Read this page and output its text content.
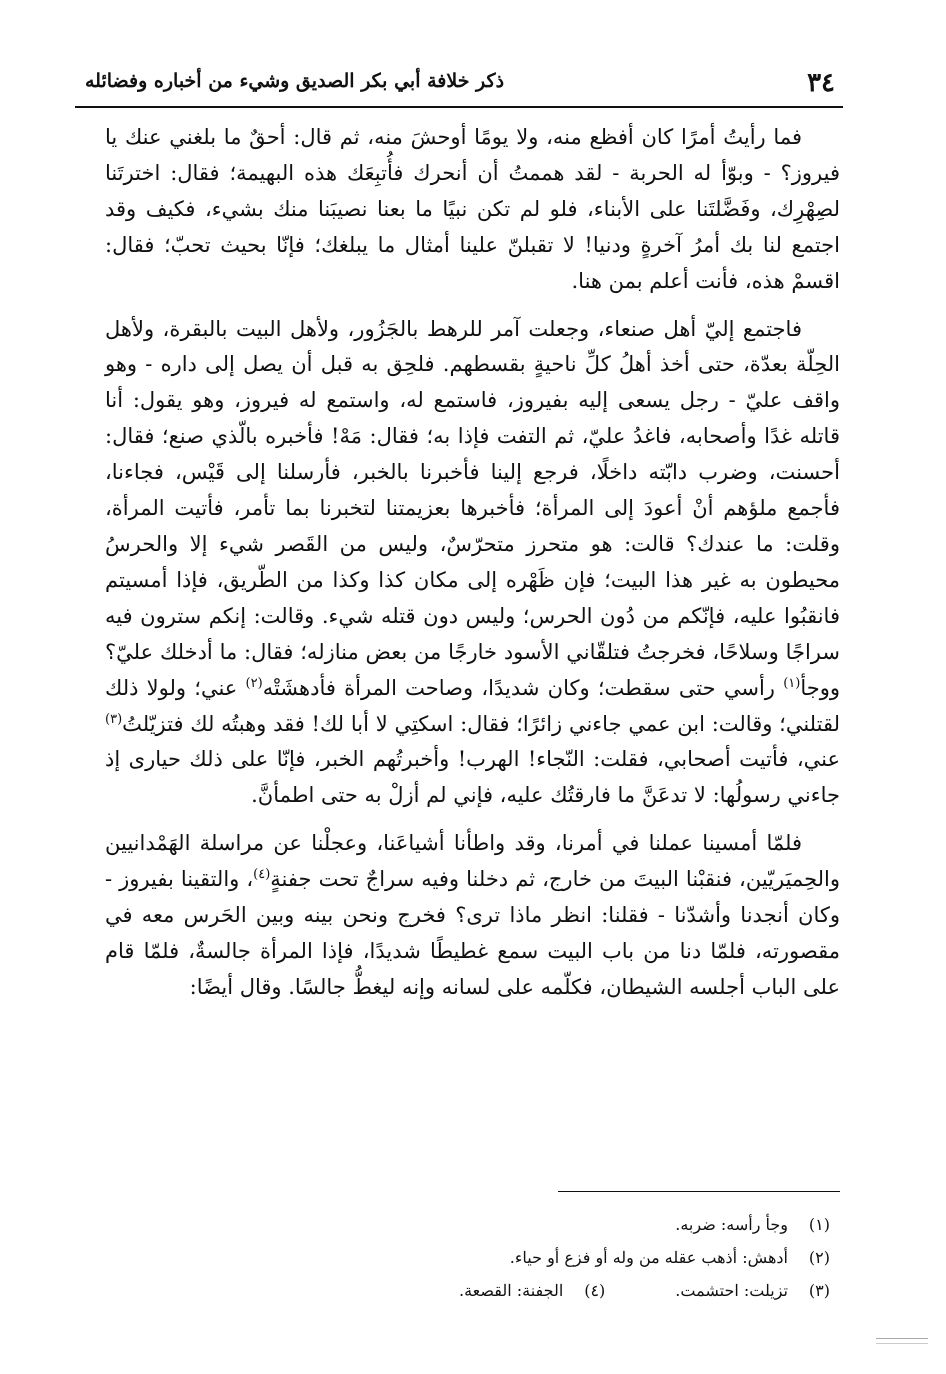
٣٤
ذكر خلافة أبي بكر الصديق وشيء من أخباره وفضائله

فما رأيتُ أمرًا كان أفظع منه، ولا يومًا أوحشَ منه، ثم قال: أحقٌ ما بلغني عنك يا فيروز؟ - وبوّأ له الحربة - لقد هممتُ أن أنحرك فأُتبِعَك هذه البهيمة؛ فقال: اخترتَنا لصِهْرِك، وفَضَّلتَنا على الأبناء، فلو لم تكن نبيًا ما بعنا نصيبَنا منك بشيء، فكيف وقد اجتمع لنا بك أمرُ آخرةٍ ودنيا! لا تقبلنّ علينا أمثال ما يبلغك؛ فإنّا بحيث تحبّ؛ فقال: اقسمْ هذه، فأنت أعلم بمن هنا.

فاجتمع إليّ أهل صنعاء، وجعلت آمر للرهط بالجَزُور، ولأهل البيت بالبقرة، ولأهل الحِلّة بعدّة، حتى أخذ أهلُ كلِّ ناحيةٍ بقسطهم. فلحِق به قبل أن يصل إلى داره - وهو واقف عليّ - رجل يسعى إليه بفيروز، فاستمع له، واستمع له فيروز، وهو يقول: أنا قاتله غدًا وأصحابه، فاغدُ عليّ، ثم التفت فإذا به؛ فقال: مَهْ! فأخبره بالّذي صنع؛ فقال: أحسنت، وضرب دابّته داخلًا، فرجع إلينا فأخبرنا بالخبر، فأرسلنا إلى قَيْس، فجاءنا، فأجمع ملؤهم أنْ أعودَ إلى المرأة؛ فأخبرها بعزيمتنا لتخبرنا بما تأمر، فأتيت المرأة، وقلت: ما عندك؟ قالت: هو متحرز متحرّسٌ، وليس من القَصر شيء إلا والحرسُ محيطون به غير هذا البيت؛ فإن ظَهْره إلى مكان كذا وكذا من الطّريق، فإذا أمسيتم فانقبُوا عليه، فإنّكم من دُون الحرس؛ وليس دون قتله شيء. وقالت: إنكم سترون فيه سراجًا وسلاحًا، فخرجتُ فتلقّاني الأسود خارجًا من بعض منازله؛ فقال: ما أدخلك عليّ؟ ووجأ$^{(١)}$ رأسي حتى سقطت؛ وكان شديدًا، وصاحت المرأة فأدهشَتْه$^{(٢)}$ عني؛ ولولا ذلك لقتلني؛ وقالت: ابن عمي جاءني زائرًا؛ فقال: اسكتِي لا أبا لك! فقد وهبتُه لك فتزيّلتُ$^{(٣)}$ عني، فأتيت أصحابي، فقلت: النّجاء! الهرب! وأخبرتُهم الخبر، فإنّا على ذلك حيارى إذ جاءني رسولُها: لا تدعَنَّ ما فارقتُك عليه، فإني لم أزلْ به حتى اطمأنَّ.

فلمّا أمسينا عملنا في أمرنا، وقد واطأنا أشياعَنا، وعجلْنا عن مراسلة الهَمْدانيين والحِميَريّين، فنقبْنا البيتَ من خارج، ثم دخلنا وفيه سراجٌ تحت جفنةٍ$^{(٤)}$، والتقينا بفيروز - وكان أنجدنا وأشدّنا - فقلنا: انظر ماذا ترى؟ فخرج ونحن بينه وبين الحَرس معه في مقصورته، فلمّا دنا من باب البيت سمع غطيطًا شديدًا، فإذا المرأة جالسةٌ، فلمّا قام على الباب أجلسه الشيطان، فكلّمه على لسانه وإنه ليغطُّ جالسًا. وقال أيضًا:

(١)وجأ رأسه: ضربه.
(٢)أدهش: أذهب عقله من وله أو فزع أو حياء.
(٣)تزيلت: احتشمت.(٤)الجفنة: القصعة.
